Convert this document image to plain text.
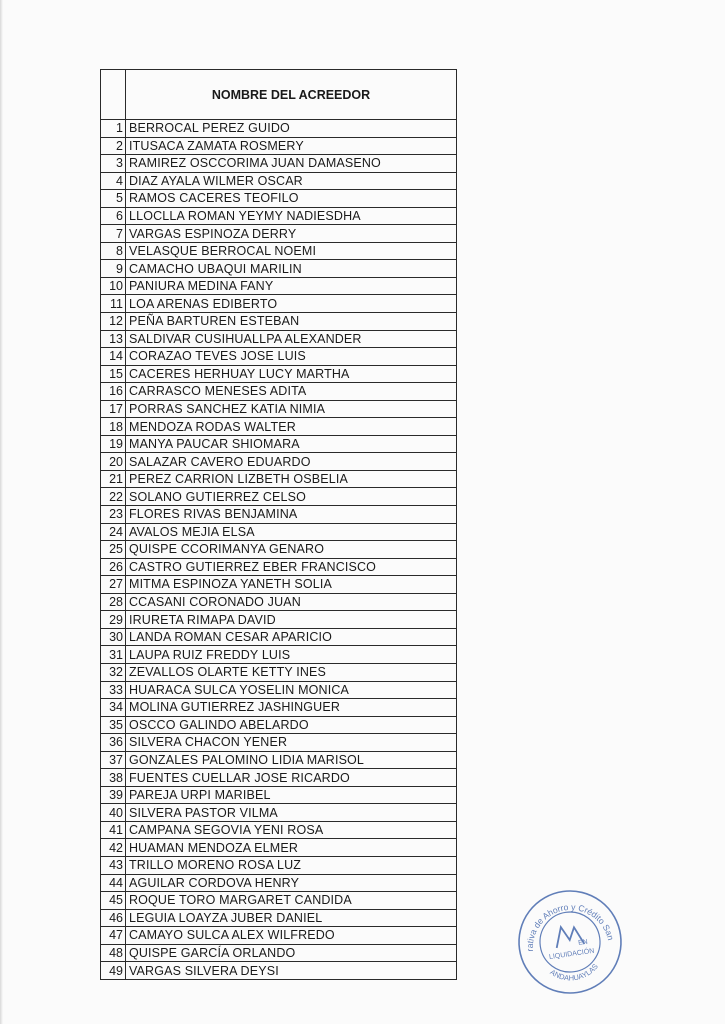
	NOMBRE DEL ACREEDOR
1	BERROCAL PEREZ GUIDO
2	ITUSACA ZAMATA ROSMERY
3	RAMIREZ OSCCORIMA JUAN DAMASENO
4	DIAZ AYALA WILMER OSCAR
5	RAMOS CACERES TEOFILO
6	LLOCLLA ROMAN YEYMY NADIESDHA
7	VARGAS ESPINOZA DERRY
8	VELASQUE BERROCAL NOEMI
9	CAMACHO UBAQUI MARILIN
10	PANIURA MEDINA FANY
11	LOA ARENAS EDIBERTO
12	PEÑA BARTUREN ESTEBAN
13	SALDIVAR CUSIHUALLPA ALEXANDER
14	CORAZAO TEVES JOSE LUIS
15	CACERES HERHUAY LUCY MARTHA
16	CARRASCO MENESES ADITA
17	PORRAS SANCHEZ KATIA NIMIA
18	MENDOZA RODAS WALTER
19	MANYA PAUCAR SHIOMARA
20	SALAZAR CAVERO EDUARDO
21	PEREZ CARRION LIZBETH OSBELIA
22	SOLANO GUTIERREZ CELSO
23	FLORES RIVAS BENJAMINA
24	AVALOS MEJIA ELSA
25	QUISPE CCORIMANYA GENARO
26	CASTRO GUTIERREZ EBER FRANCISCO
27	MITMA ESPINOZA YANETH SOLIA
28	CCASANI CORONADO JUAN
29	IRURETA RIMAPA DAVID
30	LANDA ROMAN CESAR APARICIO
31	LAUPA RUIZ FREDDY LUIS
32	ZEVALLOS OLARTE KETTY INES
33	HUARACA SULCA YOSELIN MONICA
34	MOLINA GUTIERREZ JASHINGUER
35	OSCCO GALINDO ABELARDO
36	SILVERA CHACON YENER
37	GONZALES PALOMINO LIDIA MARISOL
38	FUENTES CUELLAR JOSE RICARDO
39	PAREJA URPI MARIBEL
40	SILVERA PASTOR VILMA
41	CAMPANA SEGOVIA YENI ROSA
42	HUAMAN MENDOZA ELMER
43	TRILLO MORENO ROSA LUZ
44	AGUILAR CORDOVA HENRY
45	ROQUE TORO MARGARET CANDIDA
46	LEGUIA LOAYZA JUBER DANIEL
47	CAMAYO SULCA ALEX WILFREDO
48	QUISPE GARCÍA ORLANDO
49	VARGAS SILVERA DEYSI
Cooperativa de Ahorro y Crédito San
ANDAHUAYLAS
EN
LIQUIDACIÓN
